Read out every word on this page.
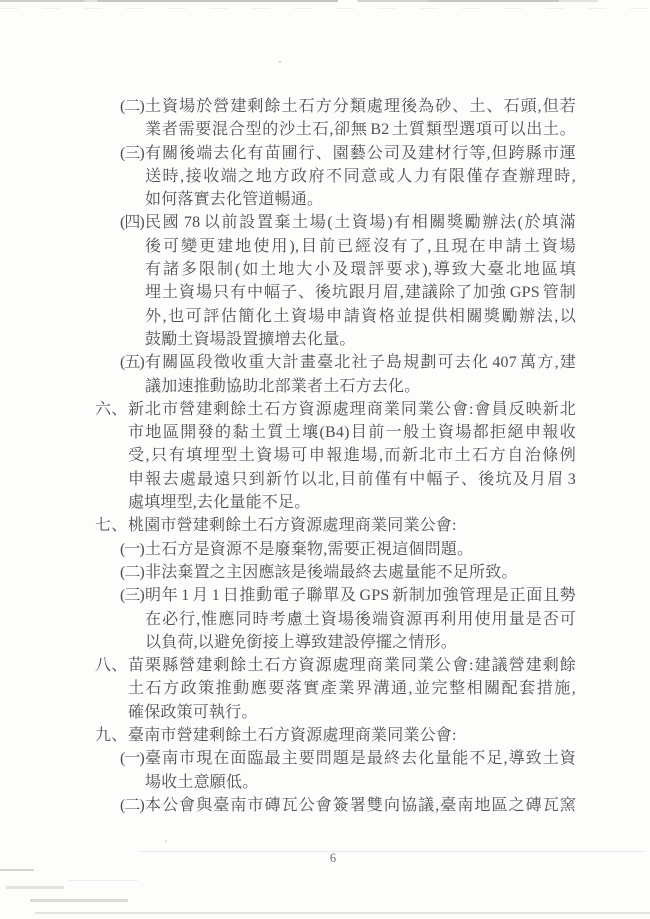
(二) 土資場於營建剩餘土石方分類處理後為砂、土、石頭,但若
業者需要混合型的沙土石,卻無 B2 土質類型選項可以出土。
(三) 有關後端去化有苗圃行、園藝公司及建材行等,但跨縣市運
送時,接收端之地方政府不同意或人力有限僅存查辦理時,
如何落實去化管道暢通。
(四) 民國 78 以前設置棄土場(土資場)有相關獎勵辦法(於填滿
後可變更建地使用),目前已經沒有了,且現在申請土資場
有諸多限制(如土地大小及環評要求),導致大臺北地區填
埋土資場只有中幅子、後坑跟月眉,建議除了加強 GPS 管制
外,也可評估簡化土資場申請資格並提供相關獎勵辦法,以
鼓勵土資場設置擴增去化量。
(五) 有關區段徵收重大計畫臺北社子島規劃可去化 407 萬方,建
議加速推動協助北部業者土石方去化。
六、 新北市營建剩餘土石方資源處理商業同業公會:會員反映新北
市地區開發的黏土質土壤(B4)目前一般土資場都拒絕申報收
受,只有填埋型土資場可申報進場,而新北市土石方自治條例
申報去處最遠只到新竹以北,目前僅有中幅子、後坑及月眉 3
處填埋型,去化量能不足。
七、 桃園市營建剩餘土石方資源處理商業同業公會:
(一) 土石方是資源不是廢棄物,需要正視這個問題。
(二) 非法棄置之主因應該是後端最終去處量能不足所致。
(三) 明年 1 月 1 日推動電子聯單及 GPS 新制加強管理是正面且勢
在必行,惟應同時考慮土資場後端資源再利用使用量是否可
以負荷,以避免銜接上導致建設停擺之情形。
八、 苗栗縣營建剩餘土石方資源處理商業同業公會:建議營建剩餘
土石方政策推動應要落實產業界溝通,並完整相關配套措施,
確保政策可執行。
九、 臺南市營建剩餘土石方資源處理商業同業公會:
(一) 臺南市現在面臨最主要問題是最終去化量能不足,導致土資
場收土意願低。
(二) 本公會與臺南市磚瓦公會簽署雙向協議,臺南地區之磚瓦窯
6
